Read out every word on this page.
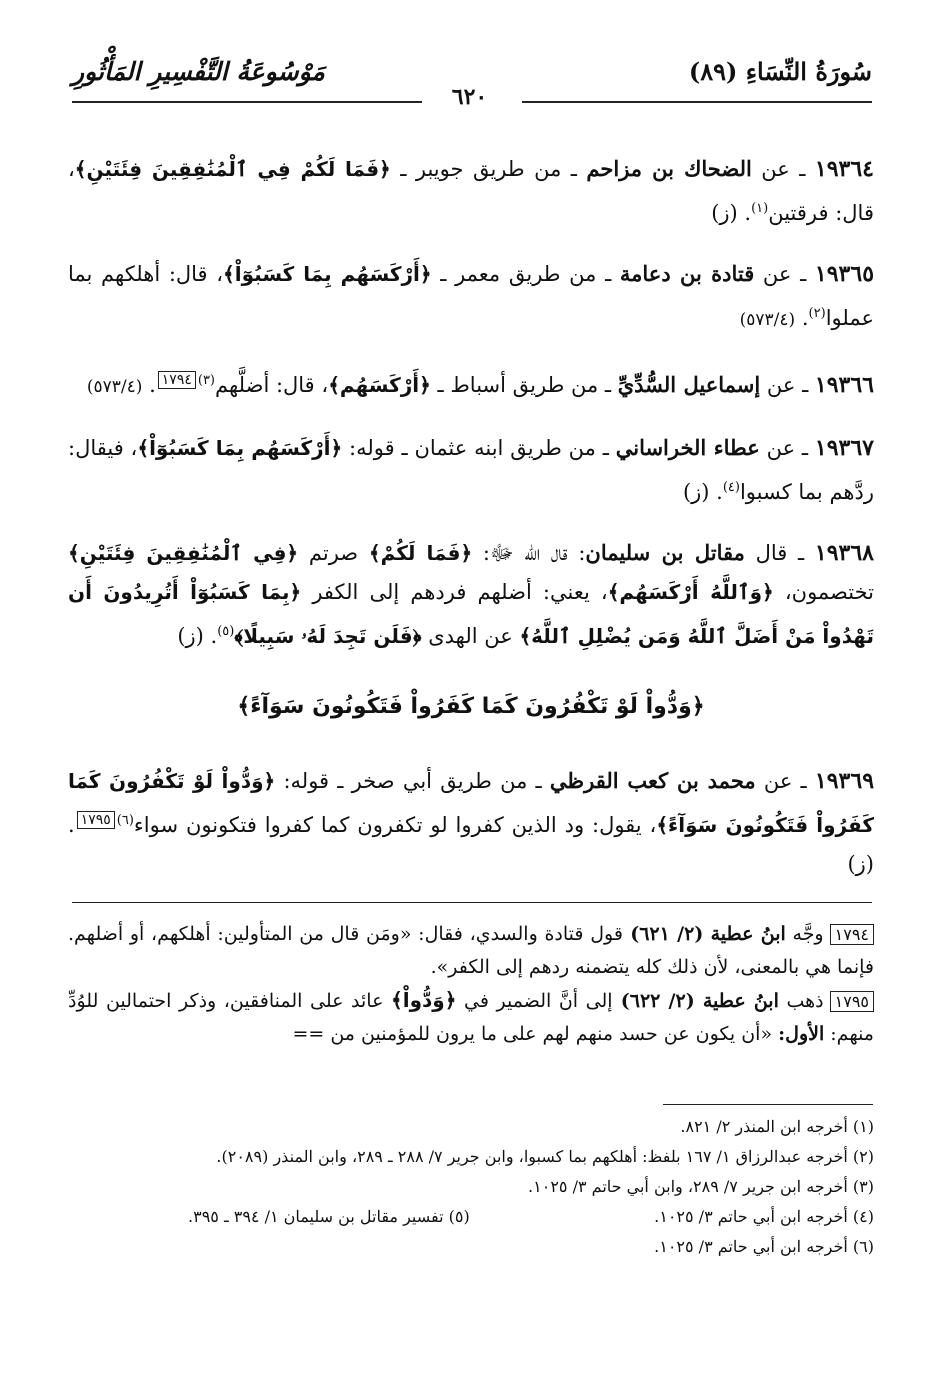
سُورَةُ النِّسَاءِ (٨٩)
مَوْسُوعَةُ التَّفْسِيرِ المَأْثُورِ
٦٢٠

١٩٣٦٤ ـ عن الضحاك بن مزاحم ـ من طريق جويبر ـ ﴿فَمَا لَكُمْ فِي ٱلْمُنَٰفِقِينَ فِئَتَيْنِ﴾، قال: فرقتين$^{(١)}$. (ز)

١٩٣٦٥ ـ عن قتادة بن دعامة ـ من طريق معمر ـ ﴿أَرْكَسَهُم بِمَا كَسَبُوٓاْ﴾، قال: أهلكهم بما عملوا$^{(٢)}$. (٥٧٣/٤)

١٩٣٦٦ ـ عن إسماعيل السُّدِّيِّ ـ من طريق أسباط ـ ﴿أَرْكَسَهُم﴾، قال: أضلَّهم$^{(٣)١٧٩٤}$. (٥٧٣/٤)

١٩٣٦٧ ـ عن عطاء الخراساني ـ من طريق ابنه عثمان ـ قوله: ﴿أَرْكَسَهُم بِمَا كَسَبُوٓاْ﴾، فيقال: ردَّهم بما كسبوا$^{(٤)}$. (ز)

١٩٣٦٨ ـ قال مقاتل بن سليمان: قال الله ﷻ: ﴿فَمَا لَكُمْ﴾ صرتم ﴿فِي ٱلْمُنَٰفِقِينَ فِئَتَيْنِ﴾ تختصمون، ﴿وَٱللَّهُ أَرْكَسَهُم﴾، يعني: أضلهم فردهم إلى الكفر ﴿بِمَا كَسَبُوٓاْ أَتُرِيدُونَ أَن تَهْدُواْ مَنْ أَضَلَّ ٱللَّهُ وَمَن يُضْلِلِ ٱللَّهُ﴾ عن الهدى ﴿فَلَن تَجِدَ لَهُۥ سَبِيلًا﴾$^{(٥)}$. (ز)

﴿وَدُّواْ لَوْ تَكْفُرُونَ كَمَا كَفَرُواْ فَتَكُونُونَ سَوَآءً﴾

١٩٣٦٩ ـ عن محمد بن كعب القرظي ـ من طريق أبي صخر ـ قوله: ﴿وَدُّواْ لَوْ تَكْفُرُونَ كَمَا كَفَرُواْ فَتَكُونُونَ سَوَآءً﴾، يقول: ود الذين كفروا لو تكفرون كما كفروا فتكونون سواء$^{(٦)١٧٩٥}$. (ز)

١٧٩٤وجَّه ابنُ عطية (٢/ ٦٢١) قول قتادة والسدي، فقال: «ومَن قال من المتأولين: أهلكهم، أو أضلهم. فإنما هي بالمعنى، لأن ذلك كله يتضمنه ردهم إلى الكفر».

١٧٩٥ذهب ابنُ عطية (٢/ ٦٢٢) إلى أنَّ الضمير في ﴿وَدُّواْ﴾ عائد على المنافقين، وذكر احتمالين للوُدِّ منهم: الأول: «أن يكون عن حسد منهم لهم على ما يرون للمؤمنين من ==

(١) أخرجه ابن المنذر ٢/ ٨٢١.

(٢) أخرجه عبدالرزاق ١/ ١٦٧ بلفظ: أهلكهم بما كسبوا، وابن جرير ٧/ ٢٨٨ ـ ٢٨٩، وابن المنذر (٢٠٨٩).

(٣) أخرجه ابن جرير ٧/ ٢٨٩، وابن أبي حاتم ٣/ ١٠٢٥.

(٤) أخرجه ابن أبي حاتم ٣/ ١٠٢٥.
(٥) تفسير مقاتل بن سليمان ١/ ٣٩٤ ـ ٣٩٥.

(٦) أخرجه ابن أبي حاتم ٣/ ١٠٢٥.
